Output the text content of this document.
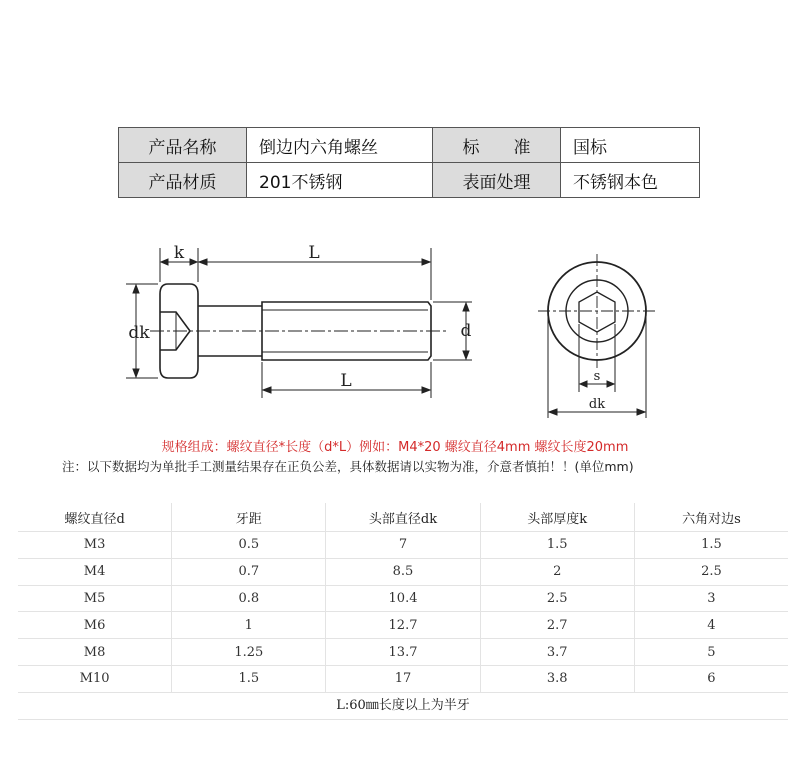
产品名称	倒边内六角螺丝	标　　准	国标
产品材质	201不锈钢	表面处理	不锈钢本色
k	L
dk	d
L	s
dk
规格组成：螺纹直径*长度（d*L）例如：M4*20 螺纹直径4mm 螺纹长度20mm
注：以下数据均为单批手工测量结果存在正负公差，具体数据请以实物为准，介意者慎拍！！(单位mm)
螺纹直径d	牙距	头部直径dk	头部厚度k	六角对边s
M3	0.5	7	1.5	1.5
M4	0.7	8.5	2	2.5
M5	0.8	10.4	2.5	3
M6	1	12.7	2.7	4
M8	1.25	13.7	3.7	5
M10	1.5	17	3.8	6
L:60㎜长度以上为半牙
